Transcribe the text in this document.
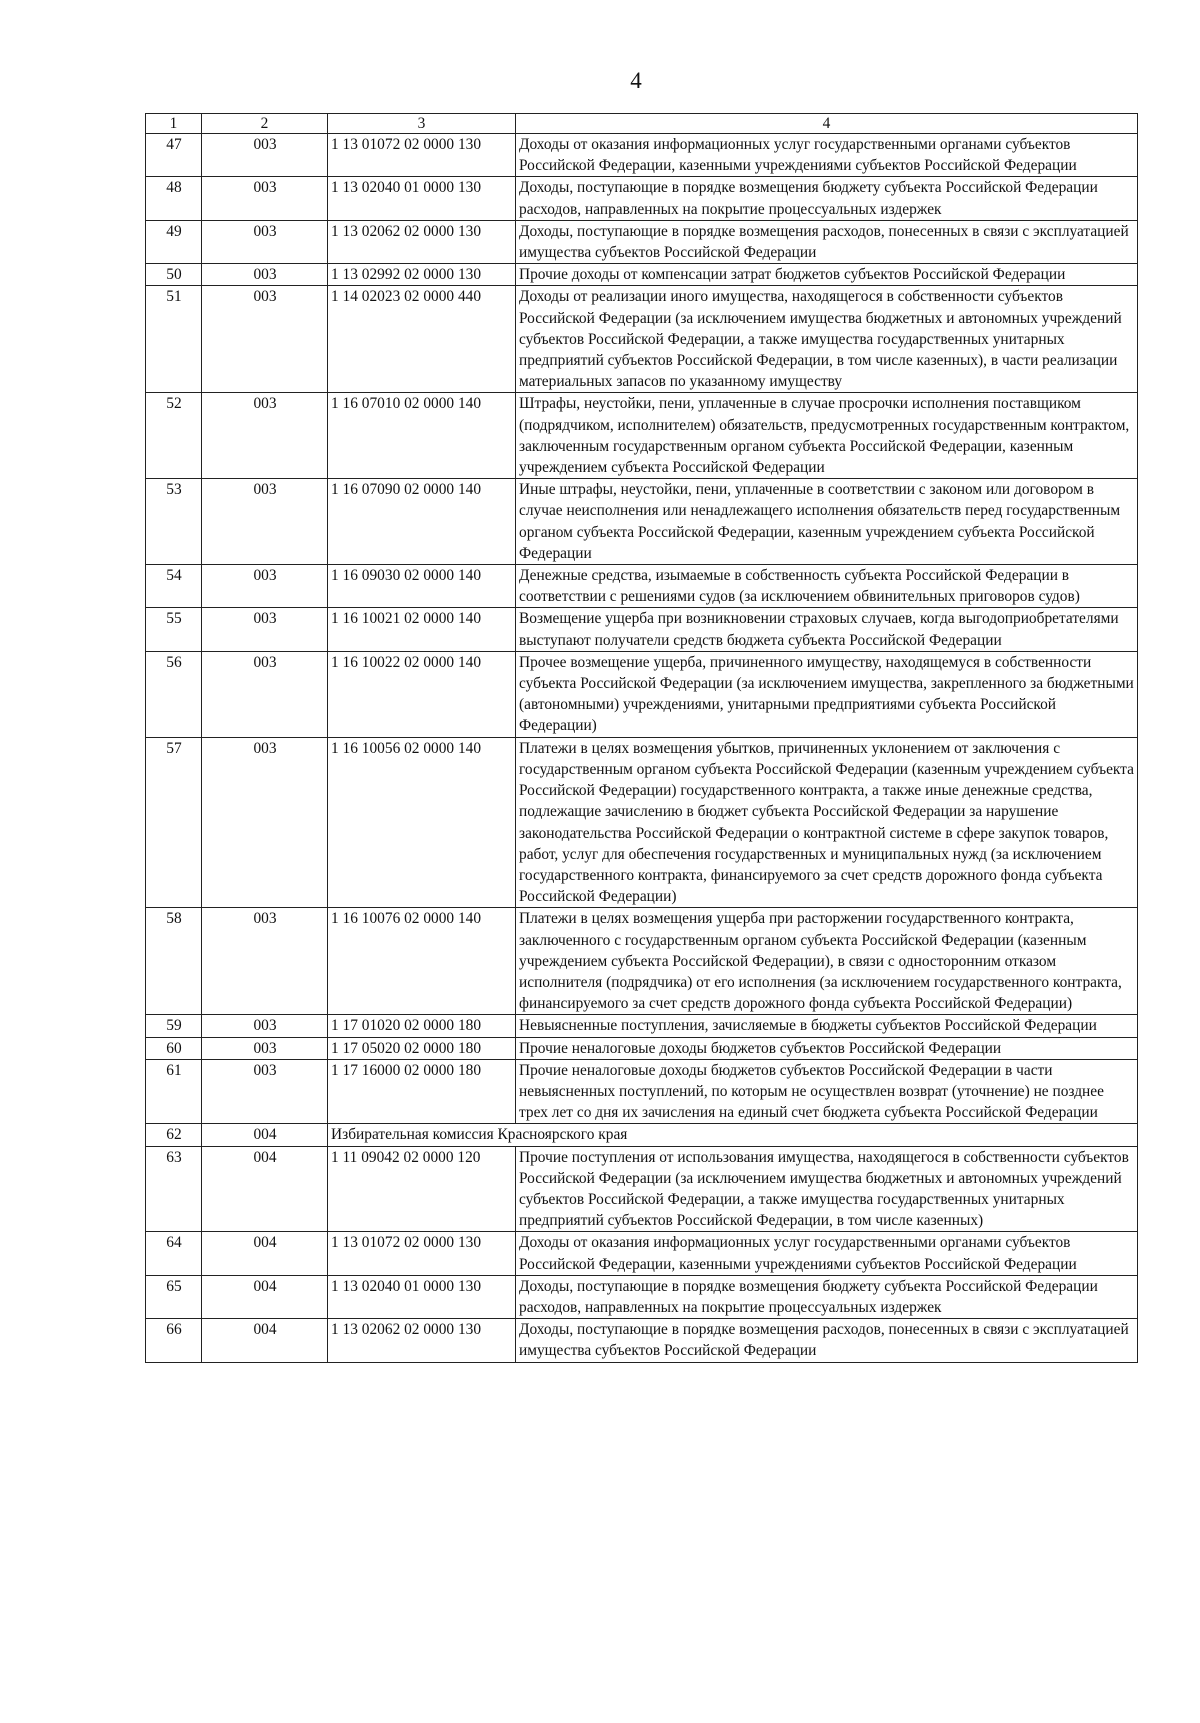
4
1	2	3	4
47	003	1 13 01072 02 0000 130	Доходы от оказания информационных услуг государственными органами субъектов Российской Федерации, казенными учреждениями субъектов Российской Федерации
48	003	1 13 02040 01 0000 130	Доходы, поступающие в порядке возмещения бюджету субъекта Российской Федерации расходов, направленных на покрытие процессуальных издержек
49	003	1 13 02062 02 0000 130	Доходы, поступающие в порядке возмещения расходов, понесенных в связи с эксплуатацией имущества субъектов Российской Федерации
50	003	1 13 02992 02 0000 130	Прочие доходы от компенсации затрат бюджетов субъектов Российской Федерации
51	003	1 14 02023 02 0000 440	Доходы от реализации иного имущества, находящегося в собственности субъектов Российской Федерации (за исключением имущества бюджетных и автономных учреждений субъектов Российской Федерации, а также имущества государственных унитарных предприятий субъектов Российской Федерации, в том числе казенных), в части реализации материальных запасов по указанному имуществу
52	003	1 16 07010 02 0000 140	Штрафы, неустойки, пени, уплаченные в случае просрочки исполнения поставщиком (подрядчиком, исполнителем) обязательств, предусмотренных государственным контрактом, заключенным государственным органом субъекта Российской Федерации, казенным учреждением субъекта Российской Федерации
53	003	1 16 07090 02 0000 140	Иные штрафы, неустойки, пени, уплаченные в соответствии с законом или договором в случае неисполнения или ненадлежащего исполнения обязательств перед государственным органом субъекта Российской Федерации, казенным учреждением субъекта Российской Федерации
54	003	1 16 09030 02 0000 140	Денежные средства, изымаемые в собственность субъекта Российской Федерации в соответствии с решениями судов (за исключением обвинительных приговоров судов)
55	003	1 16 10021 02 0000 140	Возмещение ущерба при возникновении страховых случаев, когда выгодоприобретателями выступают получатели средств бюджета субъекта Российской Федерации
56	003	1 16 10022 02 0000 140	Прочее возмещение ущерба, причиненного имуществу, находящемуся в собственности субъекта Российской Федерации (за исключением имущества, закрепленного за бюджетными (автономными) учреждениями, унитарными предприятиями субъекта Российской Федерации)
57	003	1 16 10056 02 0000 140	Платежи в целях возмещения убытков, причиненных уклонением от заключения с государственным органом субъекта Российской Федерации (казенным учреждением субъекта Российской Федерации) государственного контракта, а также иные денежные средства, подлежащие зачислению в бюджет субъекта Российской Федерации за нарушение законодательства Российской Федерации о контрактной системе в сфере закупок товаров, работ, услуг для обеспечения государственных и муниципальных нужд (за исключением государственного контракта, финансируемого за счет средств дорожного фонда субъекта Российской Федерации)
58	003	1 16 10076 02 0000 140	Платежи в целях возмещения ущерба при расторжении государственного контракта, заключенного с государственным органом субъекта Российской Федерации (казенным учреждением субъекта Российской Федерации), в связи с односторонним отказом исполнителя (подрядчика) от его исполнения (за исключением государственного контракта, финансируемого за счет средств дорожного фонда субъекта Российской Федерации)
59	003	1 17 01020 02 0000 180	Невыясненные поступления, зачисляемые в бюджеты субъектов Российской Федерации
60	003	1 17 05020 02 0000 180	Прочие неналоговые доходы бюджетов субъектов Российской Федерации
61	003	1 17 16000 02 0000 180	Прочие неналоговые доходы бюджетов субъектов Российской Федерации в части невыясненных поступлений, по которым не осуществлен возврат (уточнение) не позднее трех лет со дня их зачисления на единый счет бюджета субъекта Российской Федерации
62	004	Избирательная комиссия Красноярского края	
63	004	1 11 09042 02 0000 120	Прочие поступления от использования имущества, находящегося в собственности субъектов Российской Федерации (за исключением имущества бюджетных и автономных учреждений субъектов Российской Федерации, а также имущества государственных унитарных предприятий субъектов Российской Федерации, в том числе казенных)
64	004	1 13 01072 02 0000 130	Доходы от оказания информационных услуг государственными органами субъектов Российской Федерации, казенными учреждениями субъектов Российской Федерации
65	004	1 13 02040 01 0000 130	Доходы, поступающие в порядке возмещения бюджету субъекта Российской Федерации расходов, направленных на покрытие процессуальных издержек
66	004	1 13 02062 02 0000 130	Доходы, поступающие в порядке возмещения расходов, понесенных в связи с эксплуатацией имущества субъектов Российской Федерации
